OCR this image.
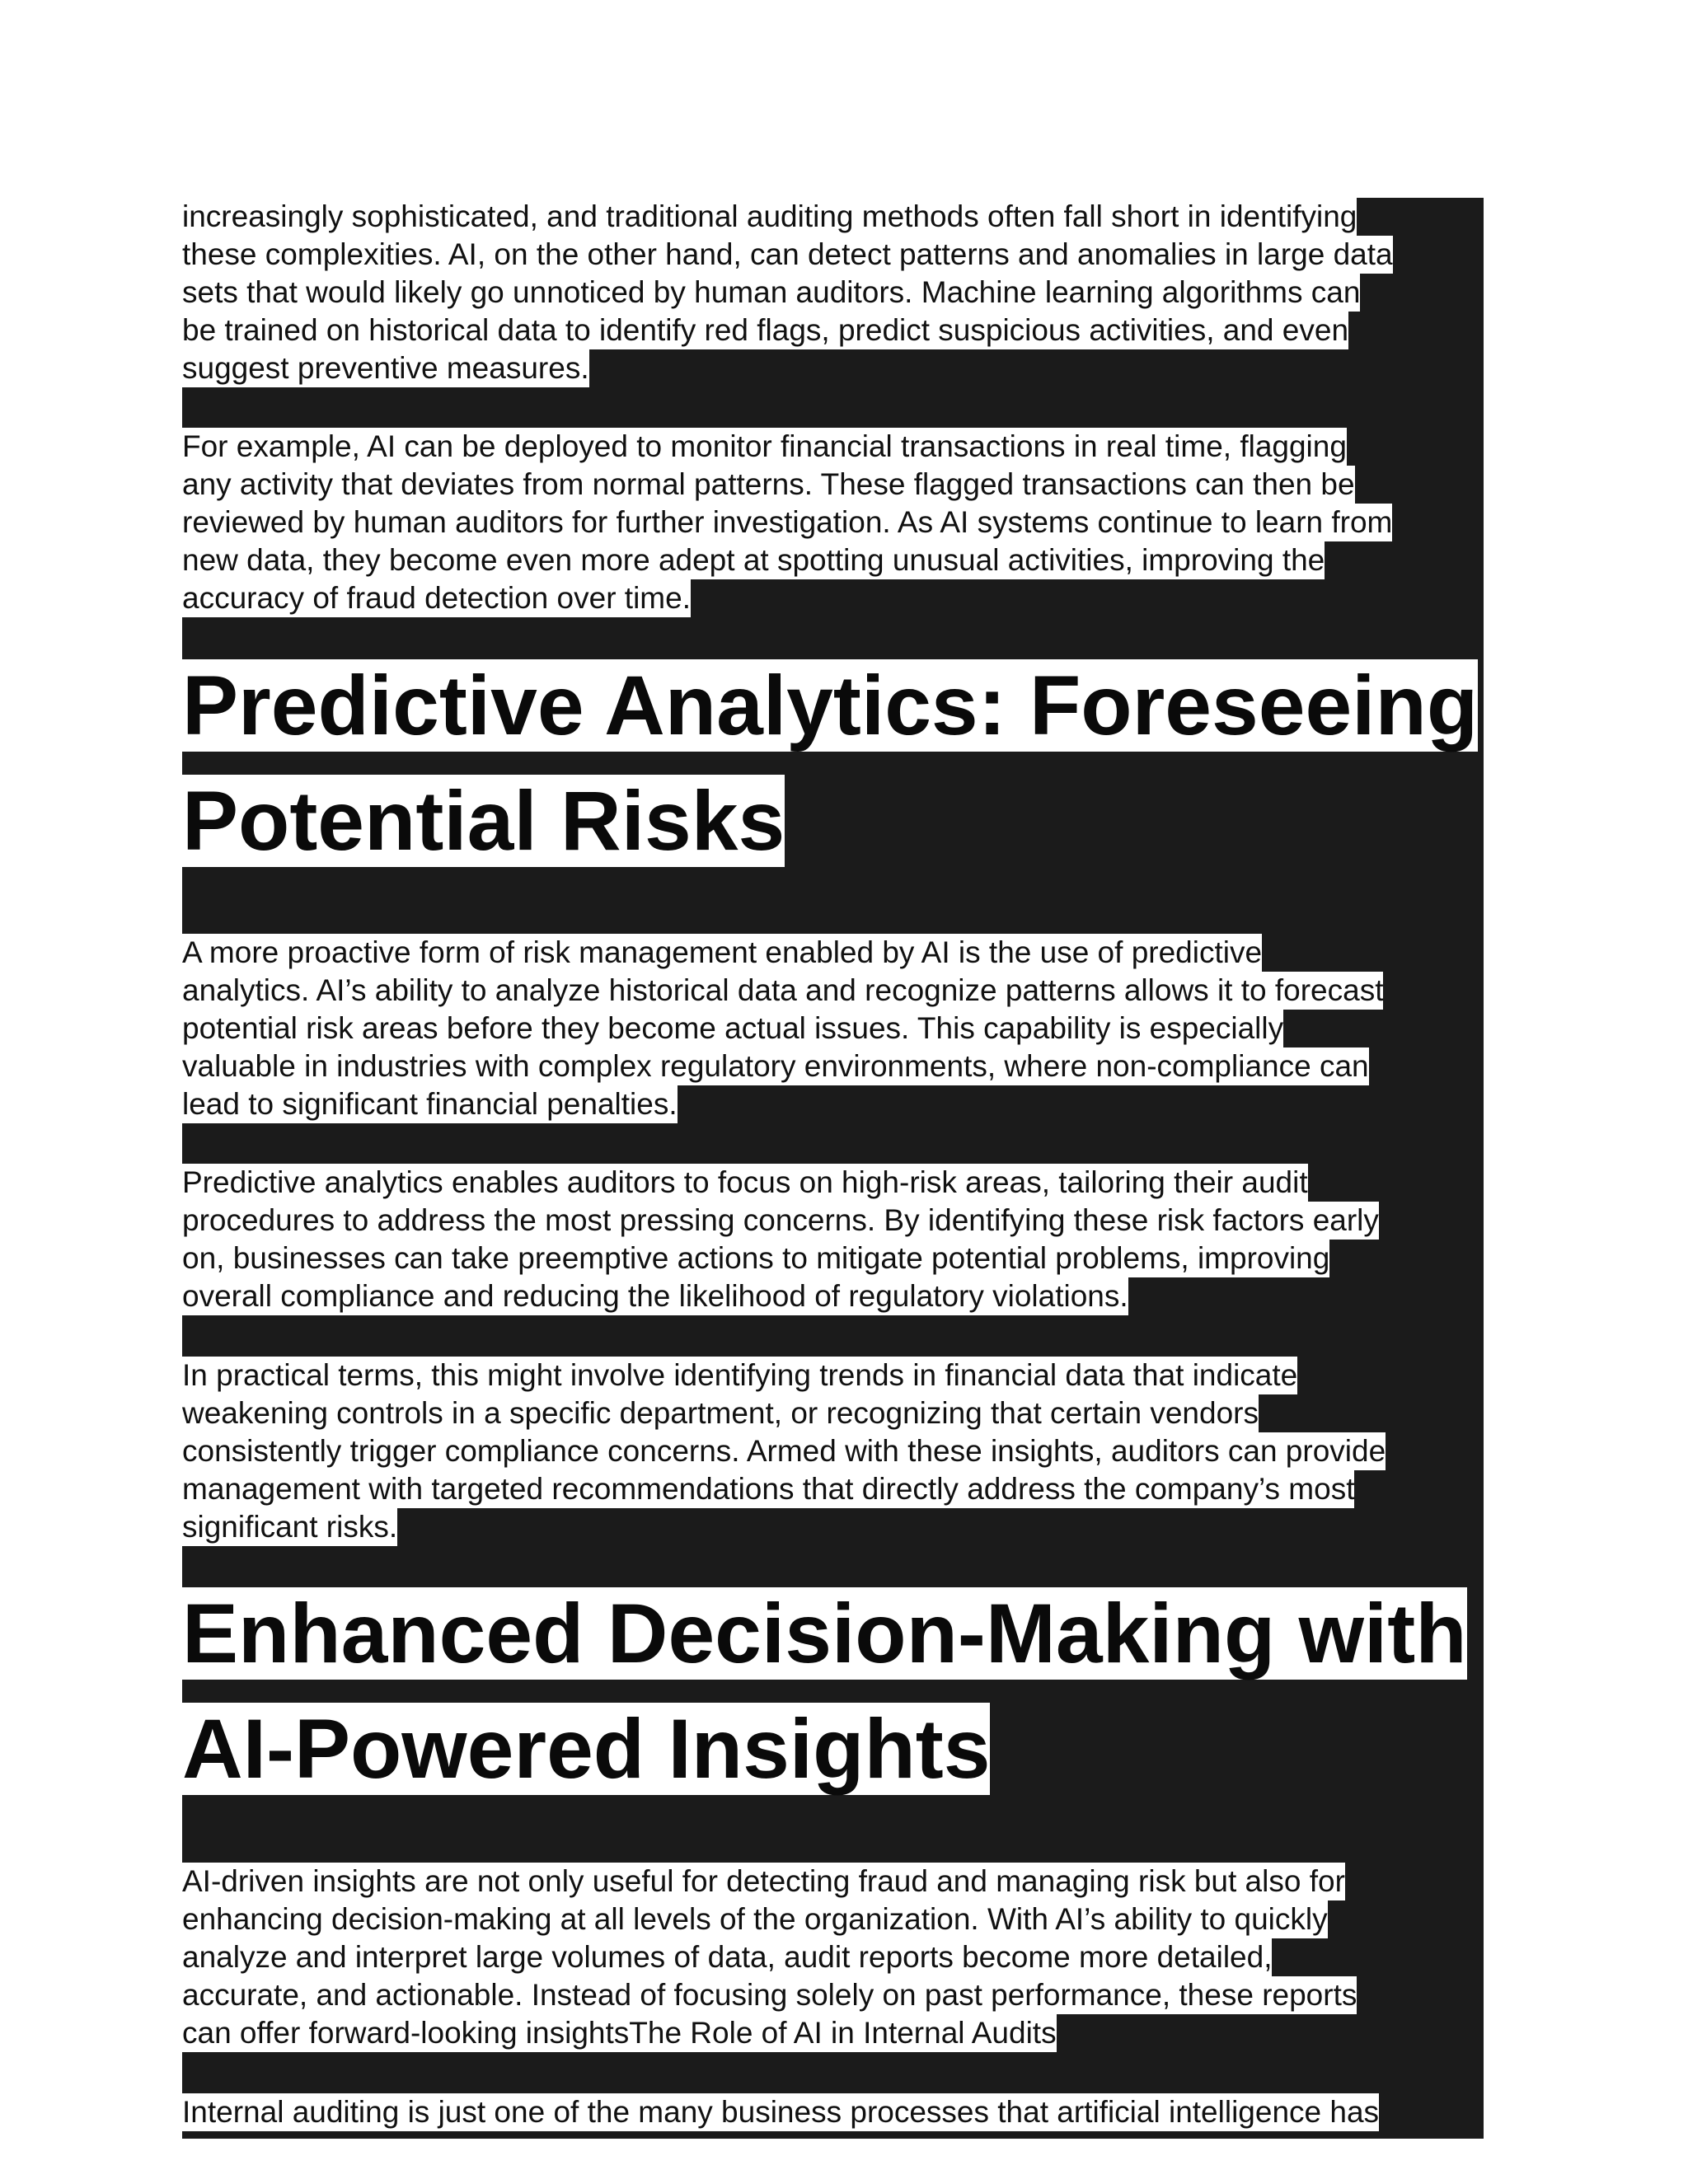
increasingly sophisticated, and traditional auditing methods often fall short in identifying

these complexities. AI, on the other hand, can detect patterns and anomalies in large data

sets that would likely go unnoticed by human auditors. Machine learning algorithms can

be trained on historical data to identify red flags, predict suspicious activities, and even

suggest preventive measures.

For example, AI can be deployed to monitor financial transactions in real time, flagging

any activity that deviates from normal patterns. These flagged transactions can then be

reviewed by human auditors for further investigation. As AI systems continue to learn from

new data, they become even more adept at spotting unusual activities, improving the

accuracy of fraud detection over time.

Predictive Analytics: Foreseeing
Potential Risks

A more proactive form of risk management enabled by AI is the use of predictive

analytics. AI’s ability to analyze historical data and recognize patterns allows it to forecast

potential risk areas before they become actual issues. This capability is especially

valuable in industries with complex regulatory environments, where non-compliance can

lead to significant financial penalties.

Predictive analytics enables auditors to focus on high-risk areas, tailoring their audit

procedures to address the most pressing concerns. By identifying these risk factors early

on, businesses can take preemptive actions to mitigate potential problems, improving

overall compliance and reducing the likelihood of regulatory violations.

In practical terms, this might involve identifying trends in financial data that indicate

weakening controls in a specific department, or recognizing that certain vendors

consistently trigger compliance concerns. Armed with these insights, auditors can provide

management with targeted recommendations that directly address the company’s most

significant risks.

Enhanced Decision-Making with
AI-Powered Insights

AI-driven insights are not only useful for detecting fraud and managing risk but also for

enhancing decision-making at all levels of the organization. With AI’s ability to quickly

analyze and interpret large volumes of data, audit reports become more detailed,

accurate, and actionable. Instead of focusing solely on past performance, these reports

can offer forward-looking insightsThe Role of AI in Internal Audits

Internal auditing is just one of the many business processes that artificial intelligence has
